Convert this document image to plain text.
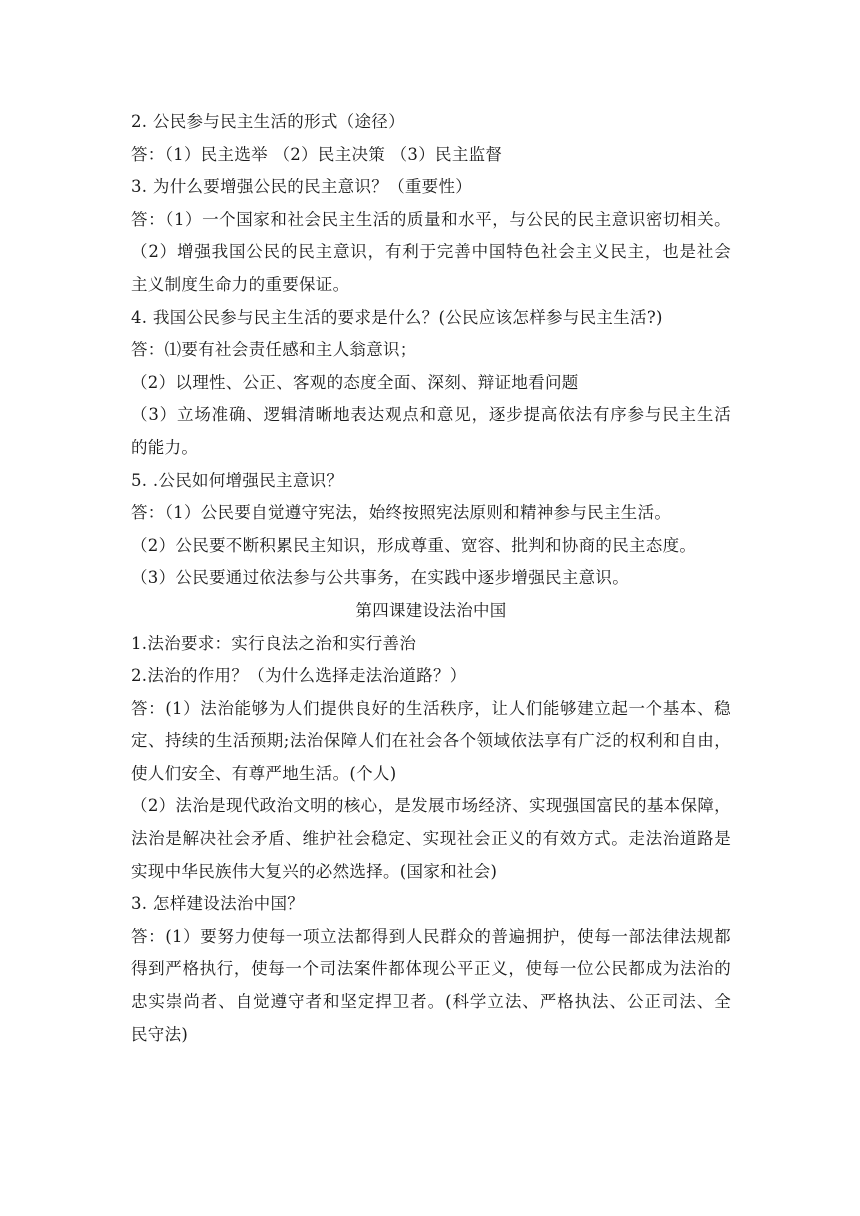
2. 公民参与民主生活的形式（途径）
答：（1）民主选举 （2）民主决策 （3）民主监督
3. 为什么要增强公民的民主意识？（重要性）
答：（1）一个国家和社会民主生活的质量和水平，与公民的民主意识密切相关。
（2）增强我国公民的民主意识，有利于完善中国特色社会主义民主，也是社会
主义制度生命力的重要保证。
4. 我国公民参与民主生活的要求是什么？(公民应该怎样参与民主生活?)
答：⑴要有社会责任感和主人翁意识；
（2）以理性、公正、客观的态度全面、深刻、辩证地看问题
（3）立场准确、逻辑清晰地表达观点和意见，逐步提高依法有序参与民主生活
的能力。
5. .公民如何增强民主意识？
答：（1）公民要自觉遵守宪法，始终按照宪法原则和精神参与民主生活。
（2）公民要不断积累民主知识，形成尊重、宽容、批判和协商的民主态度。
（3）公民要通过依法参与公共事务，在实践中逐步增强民主意识。
第四课建设法治中国
1.法治要求：实行良法之治和实行善治
2.法治的作用？（为什么选择走法治道路？）
答：(1）法治能够为人们提供良好的生活秩序，让人们能够建立起一个基本、稳
定、持续的生活预期;法治保障人们在社会各个领域依法享有广泛的权利和自由，
使人们安全、有尊严地生活。(个人)
（2）法治是现代政治文明的核心，是发展市场经济、实现强国富民的基本保障，
法治是解决社会矛盾、维护社会稳定、实现社会正义的有效方式。走法治道路是
实现中华民族伟大复兴的必然选择。(国家和社会)
3. 怎样建设法治中国？
答：(1）要努力使每一项立法都得到人民群众的普遍拥护，使每一部法律法规都
得到严格执行，使每一个司法案件都体现公平正义，使每一位公民都成为法治的
忠实崇尚者、自觉遵守者和坚定捍卫者。(科学立法、严格执法、公正司法、全
民守法)
